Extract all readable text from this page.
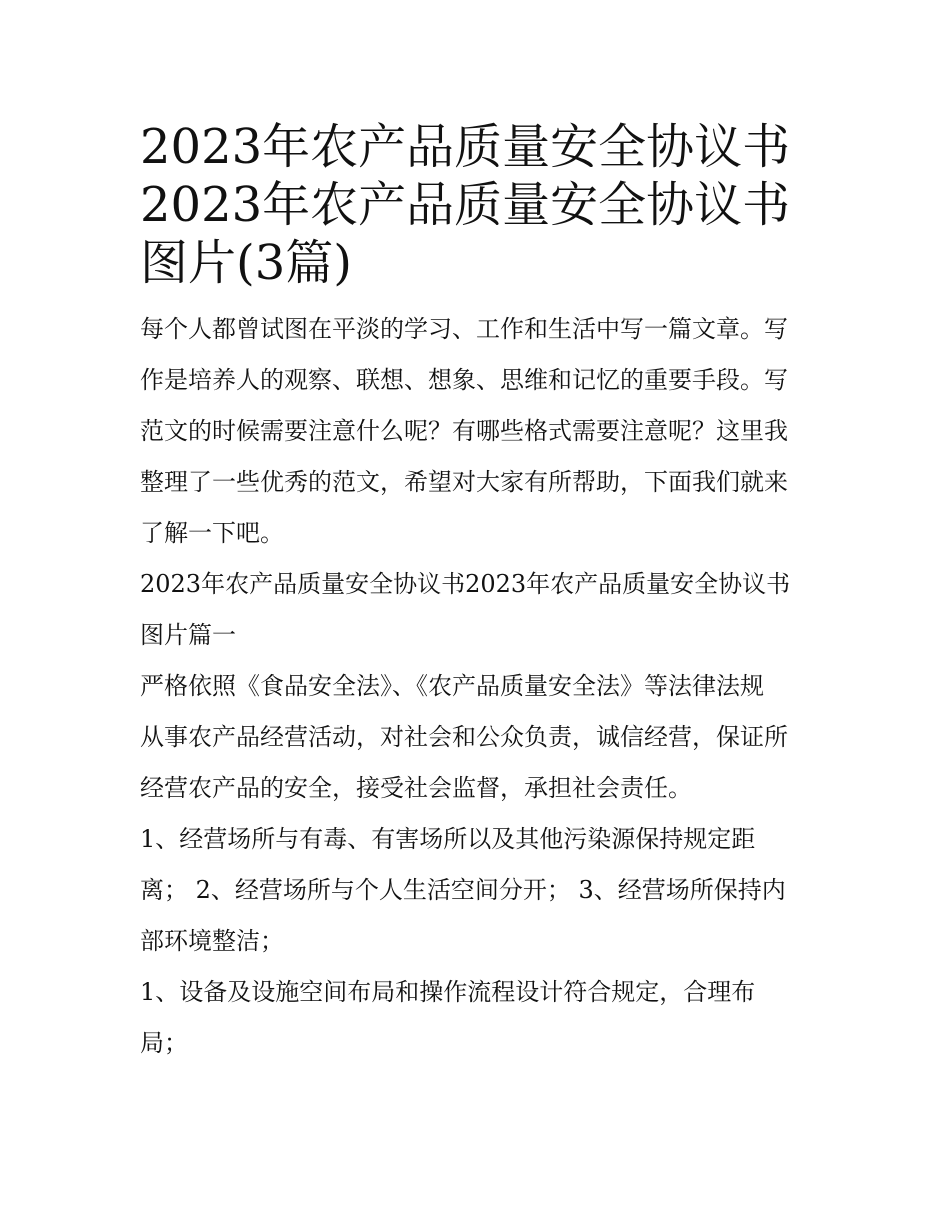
2023年农产品质量安全协议书
2023年农产品质量安全协议书
图片(3篇)

每个人都曾试图在平淡的学习、工作和生活中写一篇文章。写
作是培养人的观察、联想、想象、思维和记忆的重要手段。写
范文的时候需要注意什么呢？有哪些格式需要注意呢？这里我
整理了一些优秀的范文，希望对大家有所帮助，下面我们就来
了解一下吧。

2023年农产品质量安全协议书2023年农产品质量安全协议书
图片篇一

严格依照《食品安全法》、《农产品质量安全法》等法律法规
从事农产品经营活动，对社会和公众负责，诚信经营，保证所
经营农产品的安全，接受社会监督，承担社会责任。

1、经营场所与有毒、有害场所以及其他污染源保持规定距
离； 2、经营场所与个人生活空间分开； 3、经营场所保持内
部环境整洁；

1、设备及设施空间布局和操作流程设计符合规定，合理布
局；
